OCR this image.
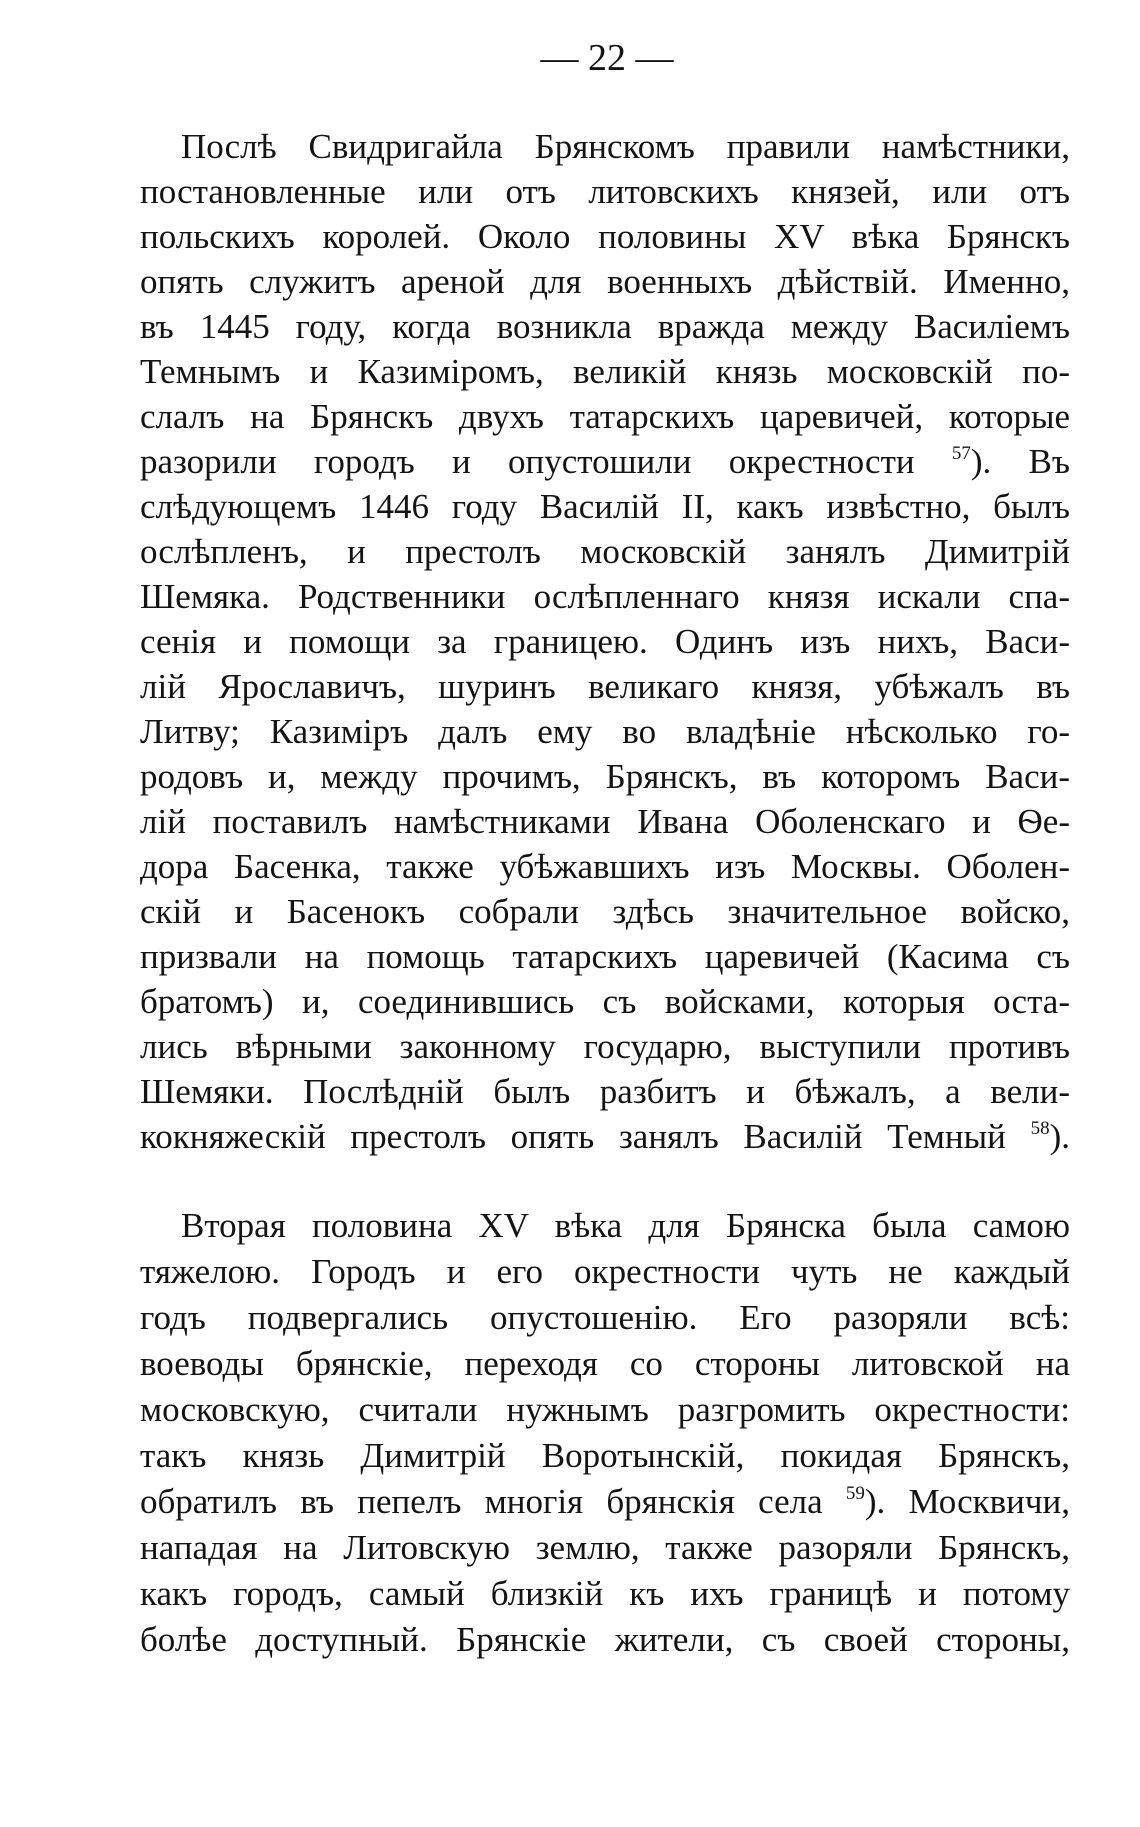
— 22 —
Послѣ Свидригайла Брянскомъ правили намѣстники,
постановленные или отъ литовскихъ князей, или отъ
польскихъ королей. Около половины XV вѣка Брянскъ
опять служитъ ареной для военныхъ дѣйствій. Именно,
въ 1445 году, когда возникла вражда между Василіемъ
Темнымъ и Казиміромъ, великій князь московскій по-
слалъ на Брянскъ двухъ татарскихъ царевичей, которые
разорили городъ и опустошили окрестности $^{57}$). Въ
слѣдующемъ 1446 году Василій II, какъ извѣстно, былъ
ослѣпленъ, и престолъ московскій занялъ Димитрій
Шемяка. Родственники ослѣпленнаго князя искали спа-
сенія и помощи за границею. Одинъ изъ нихъ, Васи-
лій Ярославичъ, шуринъ великаго князя, убѣжалъ въ
Литву; Казиміръ далъ ему во владѣніе нѣсколько го-
родовъ и, между прочимъ, Брянскъ, въ которомъ Васи-
лій поставилъ намѣстниками Ивана Оболенскаго и Ѳе-
дора Басенка, также убѣжавшихъ изъ Москвы. Оболен-
скій и Басенокъ собрали здѣсь значительное войско,
призвали на помощь татарскихъ царевичей (Касима съ
братомъ) и, соединившись съ войсками, которыя оста-
лись вѣрными законному государю, выступили противъ
Шемяки. Послѣдній былъ разбитъ и бѣжалъ, а вели-
кокняжескій престолъ опять занялъ Василій Темный $^{58}$).
Вторая половина XV вѣка для Брянска была самою
тяжелою. Городъ и его окрестности чуть не каждый
годъ подвергались опустошенію. Его разоряли всѣ:
воеводы брянскіе, переходя со стороны литовской на
московскую, считали нужнымъ разгромить окрестности:
такъ князь Димитрій Воротынскій, покидая Брянскъ,
обратилъ въ пепелъ многія брянскія села $^{59}$). Москвичи,
нападая на Литовскую землю, также разоряли Брянскъ,
какъ городъ, самый близкій къ ихъ границѣ и потому
болѣе доступный. Брянскіе жители, съ своей стороны,
